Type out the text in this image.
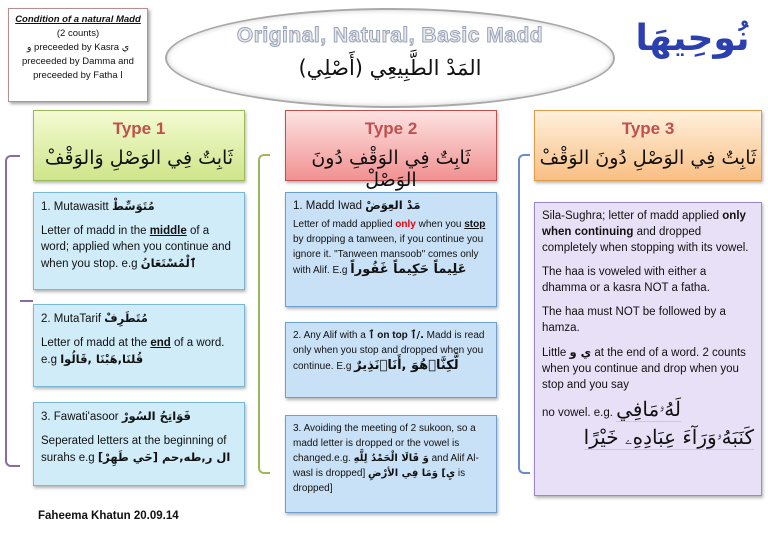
Condition of a natural Madd (2 counts)
و preceeded by Kasra ي
preceeded by Damma and
preceeded by Fatha ا
Original, Natural, Basic Madd
المَدْ الطَّبِيعِي (أَصْلِي)
نُوحِيهَا
Type 1
ثَابِتٌ فِي الوَصْلِ وَالوَقْفْ
Type 2
ثَابِتٌ فِي الوَقْفِ دُونَ الوَصْلْ
Type 3
ثَابِتٌ فِي الوَصْلِ دُونَ الوَقْفْ

1. Mutawasitt مُتَوَسِّطْ

Letter of madd in the middle of a word; applied when you continue and when you stop. e.g ٱلْمُسْتَعَانُ

2. MutaTarif مُتَطَرِفْ

Letter of madd at the end of a word. e.g قُلنَا,هَبْنَا ,قَالُوا

3. Fawati'asoor فَوَاتِحُ السُورْ

Seperated letters at the beginning of surahs e.g [حَي طَهِرْ] ال ر,طه,حم
1. Madd Iwad مَدْ العِوَضْ
Letter of madd applied only when you stop by dropping a tanween, if you continue you ignore it. "Tanween mansoob" comes only with Alif. E.g عَلِيماً حَكِيماً غَفُوراً
2. Any Alif with a ٱ on top ٱ/. Madd is read only when you stop and dropped when you continue. E.g لَّكِنَّا۟هُوَ ,أَنَا۠نَذِيرٌ
3. Avoiding the meeting of 2 sukoon, so a madd letter is dropped or the vowel is changed.e.g. وَ قَالَا الْحَمْدُ لِلَّهِ and Alif Al-wasl is dropped] يِ] وَمَا فِي الأرْضِ is dropped]

Sila-Sughra; letter of madd applied only when continuing and dropped completely when stopping with its vowel.

The haa is voweled with either a dhamma or a kasra NOT a fatha.

The haa must NOT be followed by a hamza.

Little ي و at the end of a word. 2 counts when you continue and drop when you stop and you say

no vowel. e.g. لَهُۥمَافِي
كَنَبَهُۥوَرَآءَ عِبَادِهِۦ خَيْرًا
Faheema Khatun 20.09.14
